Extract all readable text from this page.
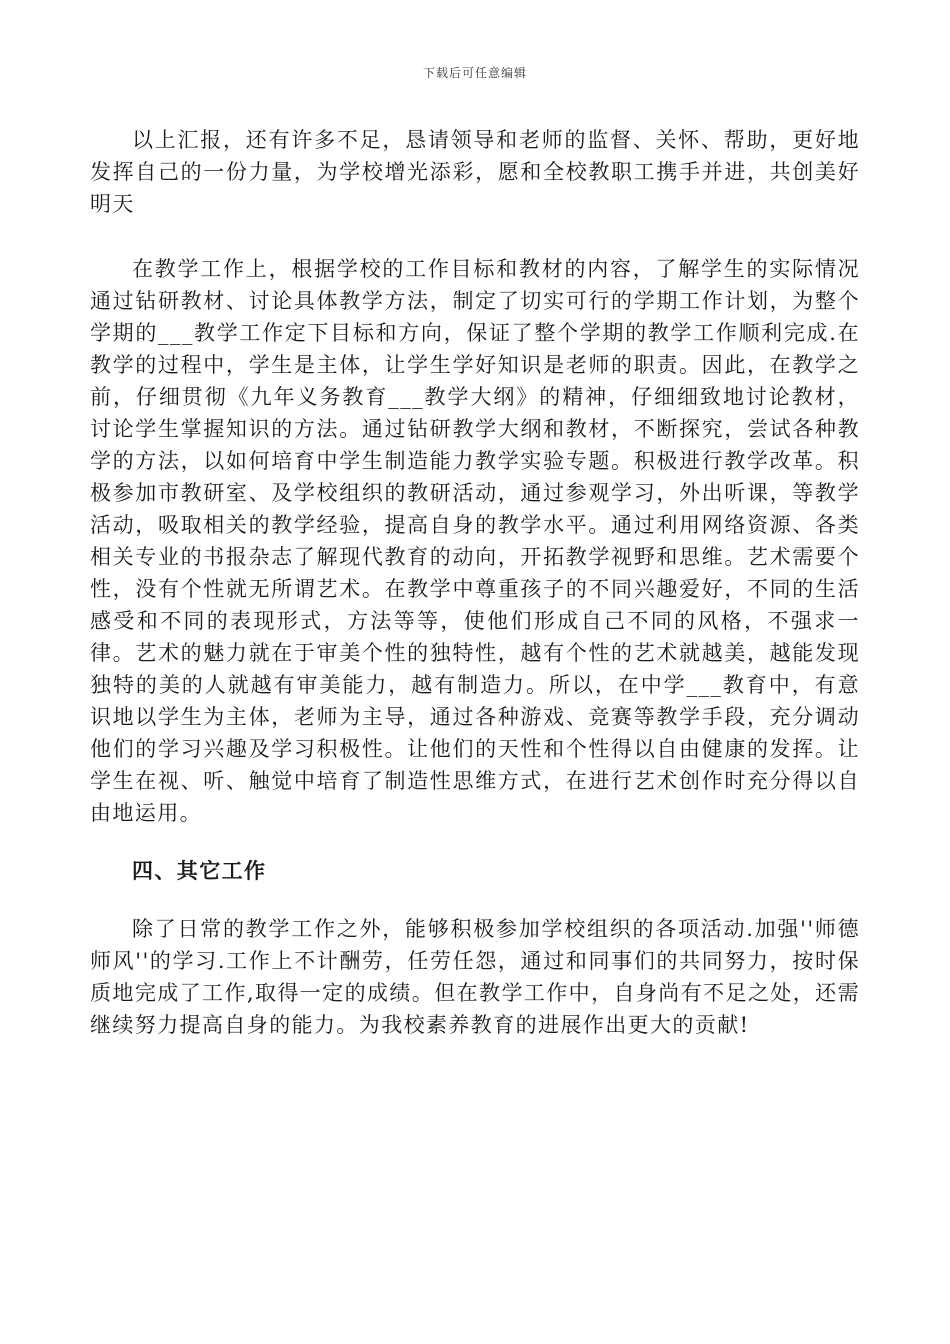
下载后可任意编辑

以上汇报，还有许多不足，恳请领导和老师的监督、关怀、帮助，更好地发挥自己的一份力量，为学校增光添彩，愿和全校教职工携手并进，共创美好明天

在教学工作上，根据学校的工作目标和教材的内容，了解学生的实际情况通过钻研教材、讨论具体教学方法，制定了切实可行的学期工作计划，为整个学期的___教学工作定下目标和方向，保证了整个学期的教学工作顺利完成.在教学的过程中，学生是主体，让学生学好知识是老师的职责。因此，在教学之前，仔细贯彻《九年义务教育___教学大纲》的精神，仔细细致地讨论教材，讨论学生掌握知识的方法。通过钻研教学大纲和教材，不断探究，尝试各种教学的方法，以如何培育中学生制造能力教学实验专题。积极进行教学改革。积极参加市教研室、及学校组织的教研活动，通过参观学习，外出听课，等教学活动，吸取相关的教学经验，提高自身的教学水平。通过利用网络资源、各类相关专业的书报杂志了解现代教育的动向，开拓教学视野和思维。艺术需要个性，没有个性就无所谓艺术。在教学中尊重孩子的不同兴趣爱好，不同的生活感受和不同的表现形式，方法等等，使他们形成自己不同的风格，不强求一律。艺术的魅力就在于审美个性的独特性，越有个性的艺术就越美，越能发现独特的美的人就越有审美能力，越有制造力。所以，在中学___教育中，有意识地以学生为主体，老师为主导，通过各种游戏、竞赛等教学手段，充分调动他们的学习兴趣及学习积极性。让他们的天性和个性得以自由健康的发挥。让学生在视、听、触觉中培育了制造性思维方式，在进行艺术创作时充分得以自由地运用。

四、其它工作

除了日常的教学工作之外，能够积极参加学校组织的各项活动.加强''师德师风''的学习.工作上不计酬劳，任劳任怨，通过和同事们的共同努力，按时保质地完成了工作,取得一定的成绩。但在教学工作中，自身尚有不足之处，还需继续努力提高自身的能力。为我校素养教育的进展作出更大的贡献!
